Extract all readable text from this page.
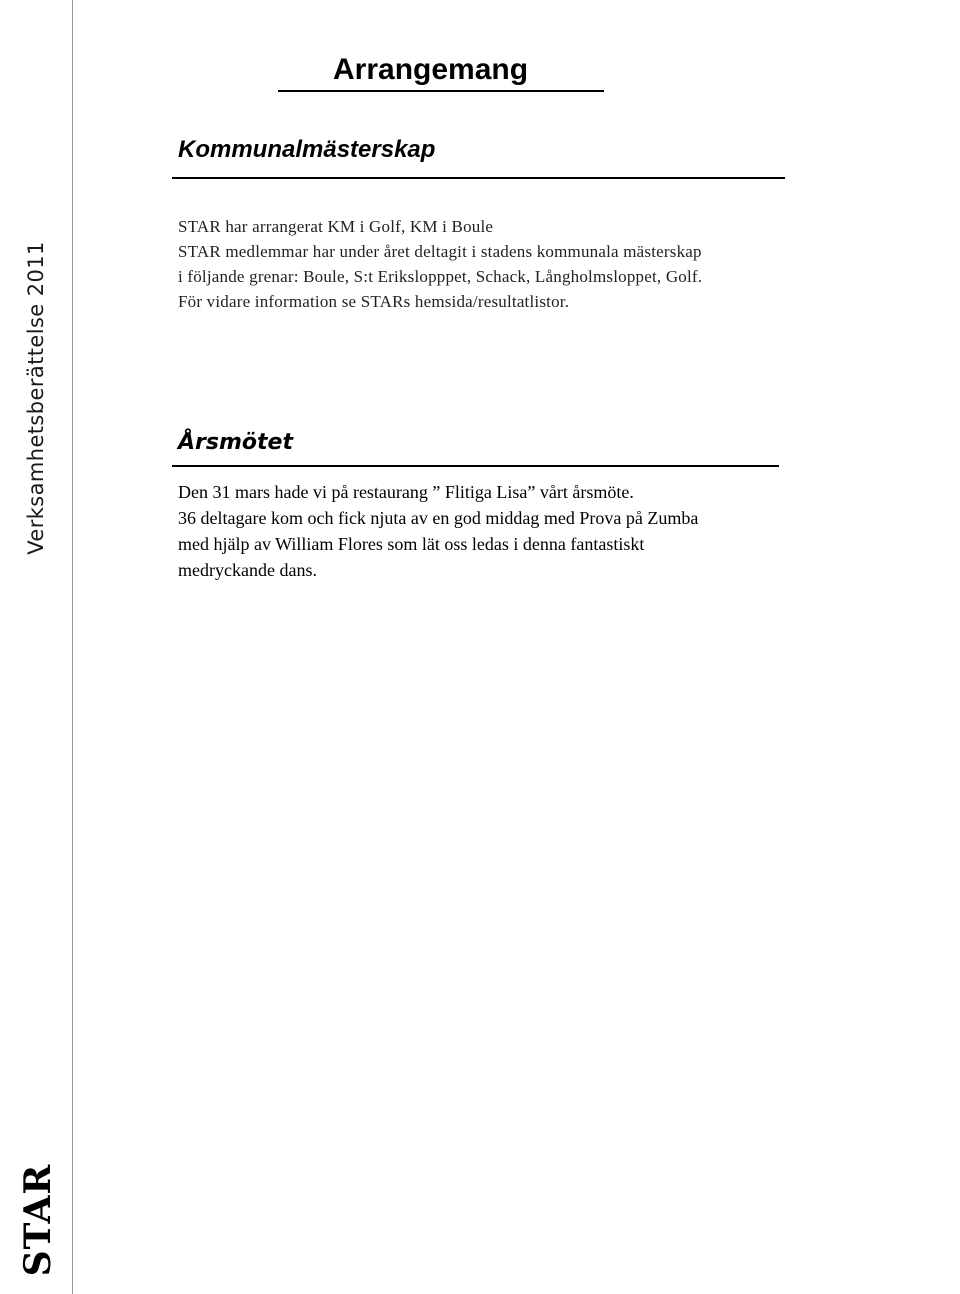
Verksamhetsberättelse 2011
STAR
Arrangemang
Kommunalmästerskap
STAR har arrangerat KM i Golf, KM i Boule
STAR medlemmar har under året deltagit i stadens kommunala mästerskap
i följande grenar: Boule, S:t Erikslopppet, Schack, Långholmsloppet, Golf.
För vidare information se STARs hemsida/resultatlistor.
Årsmötet
Den 31 mars hade vi på restaurang ” Flitiga Lisa” vårt årsmöte.
36 deltagare kom och fick njuta av en god middag med Prova på Zumba
med hjälp av William Flores som lät oss ledas i denna fantastiskt
medryckande dans.
